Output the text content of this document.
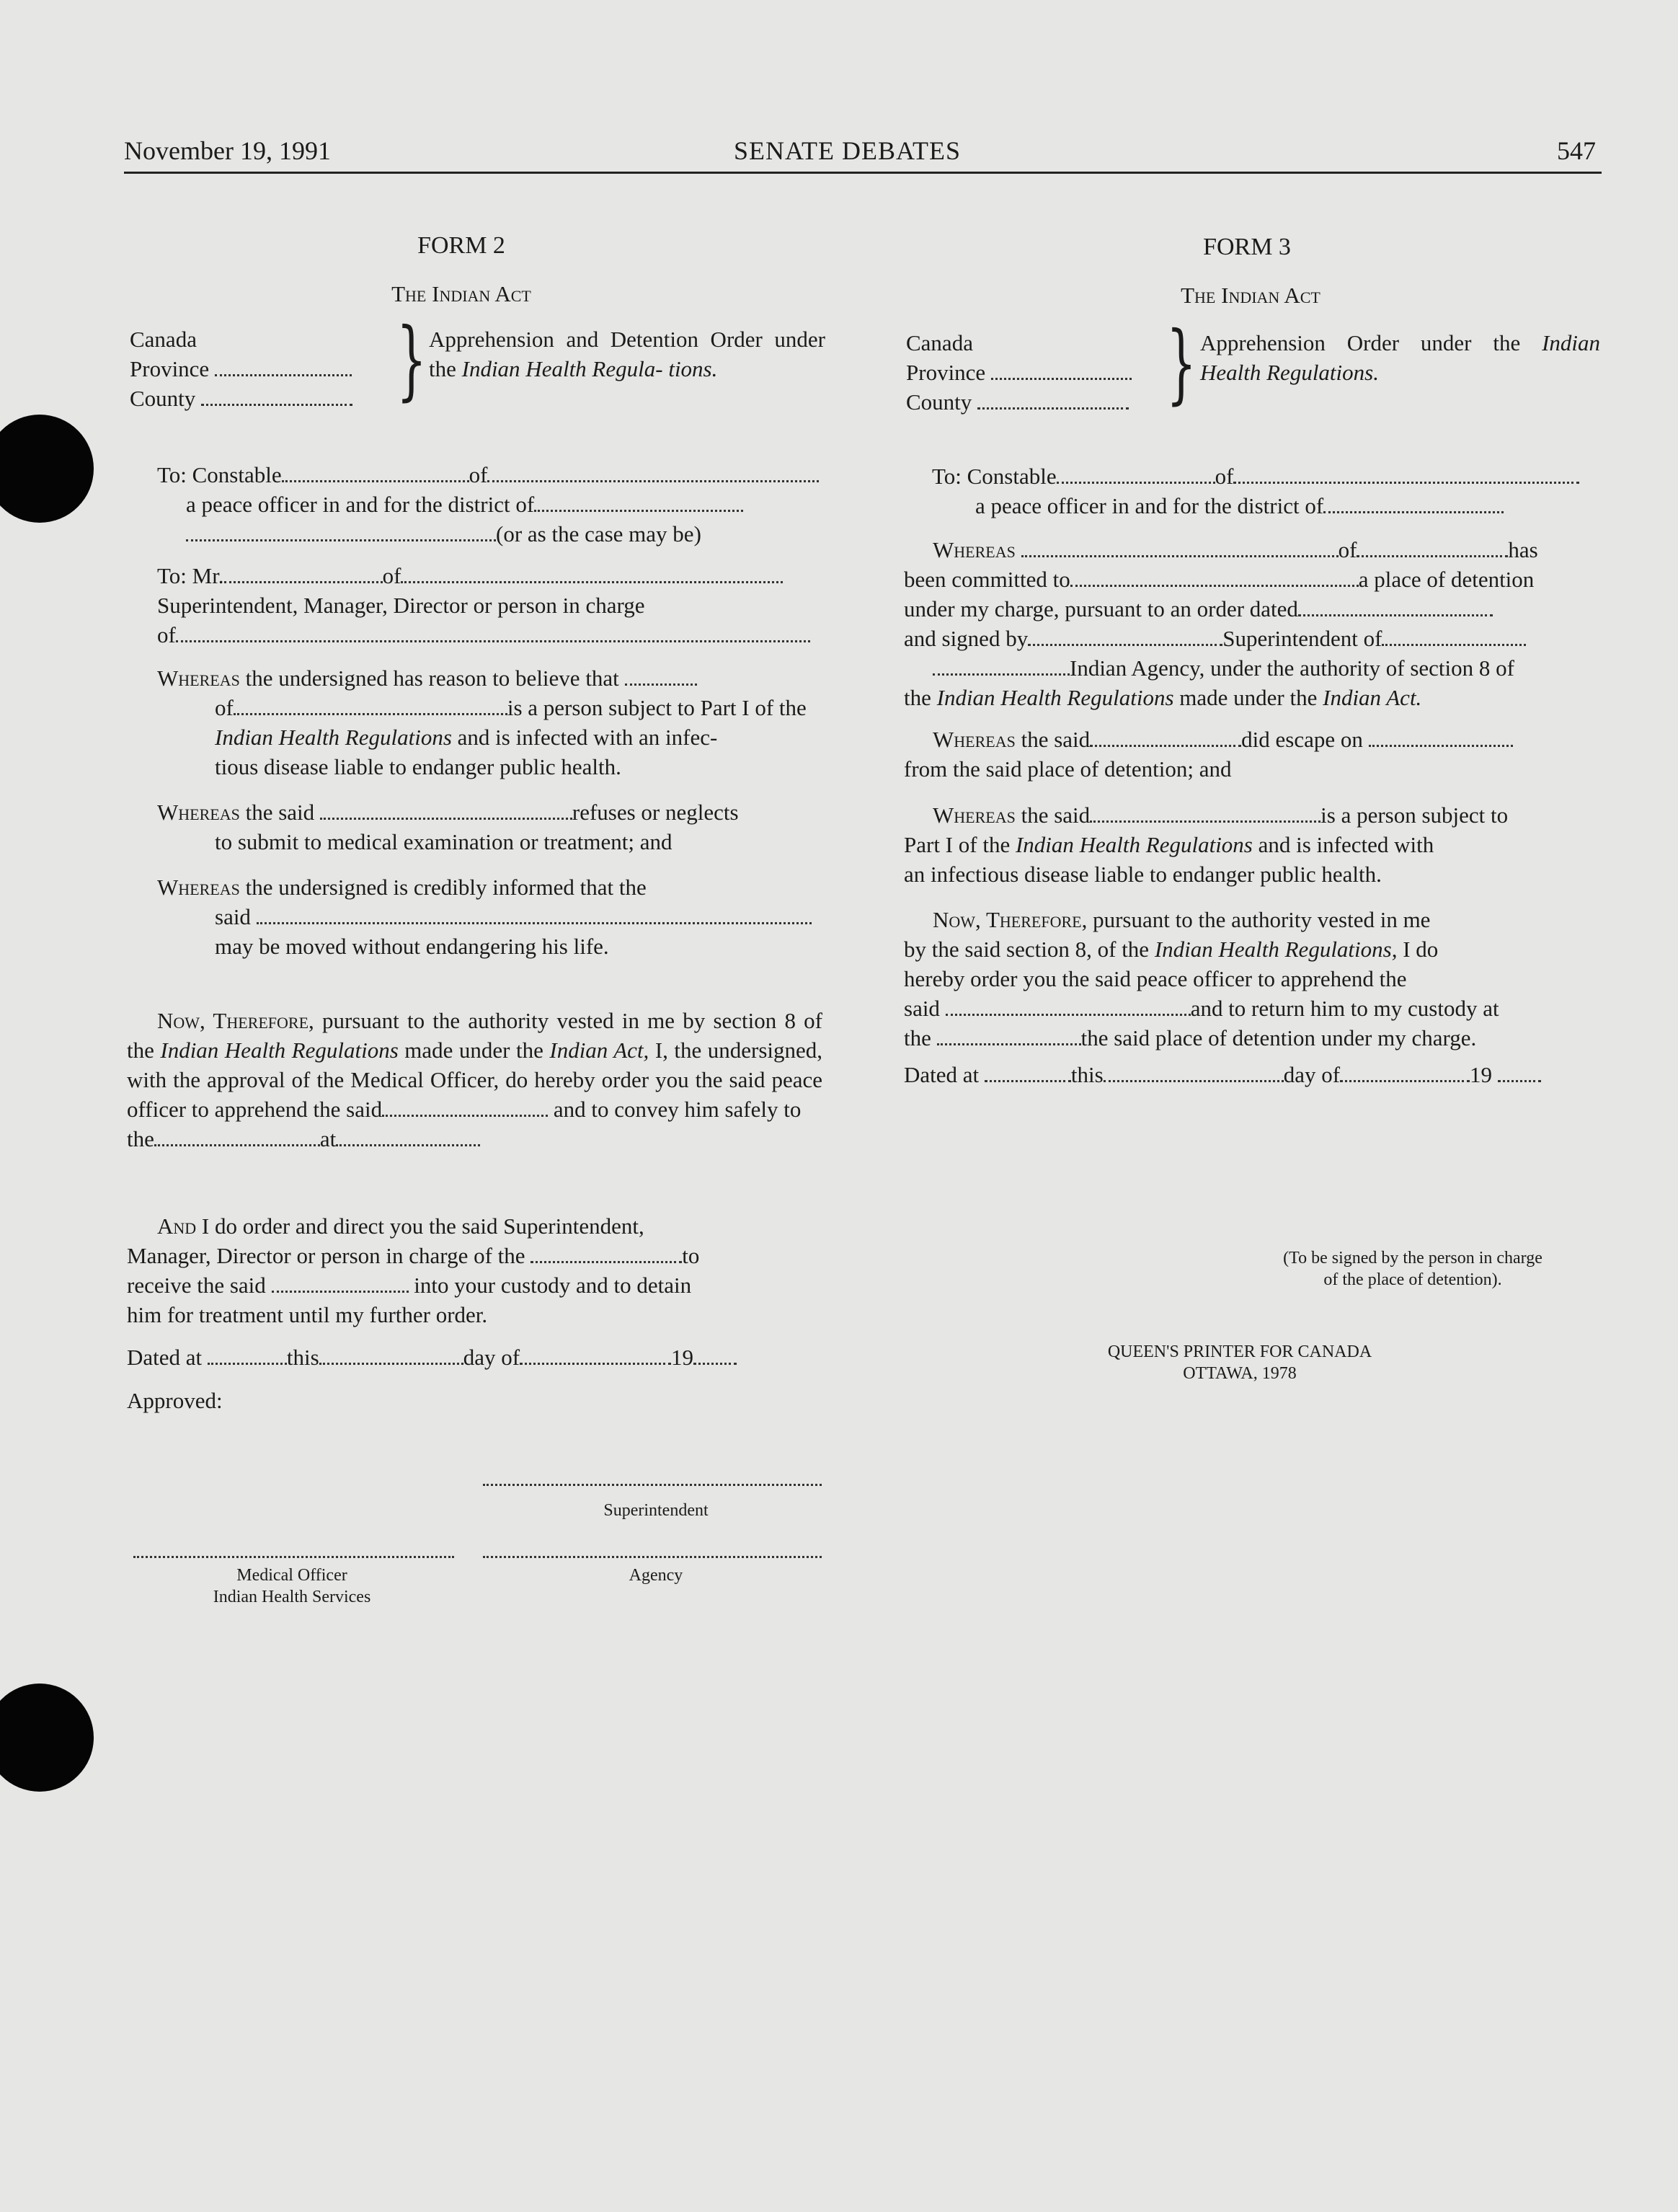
November 19, 1991	SENATE DEBATES	547
FORM 2
The Indian Act
Canada
Province
County	} Apprehension and Detention Order under the Indian Health Regula- tions.
To: Constable	of
a peace officer in and for the district of
(or as the case may be)
To: Mr.	of
Superintendent, Manager, Director or person in charge
of
Whereas the undersigned has reason to believe that
of	is a person subject to Part I of the
Indian Health Regulations and is infected with an infec-
tious disease liable to endanger public health.
Whereas the said	refuses or neglects
to submit to medical examination or treatment; and
Whereas the undersigned is credibly informed that the
said
may be moved without endangering his life.
Now, Therefore, pursuant to the authority vested in me by section 8 of the Indian Health Regulations made under the Indian Act, I, the undersigned, with the approval of the Medical Officer, do hereby order you the said peace officer to apprehend the said	and to convey him safely to
the	at
And I do order and direct you the said Superintendent,
Manager, Director or person in charge of the	to
receive the said	into your custody and to detain
him for treatment until my further order.
Dated at	this	day of	19
Approved:
Superintendent
Medical Officer
Indian Health Services
Agency
FORM 3
The Indian Act
Canada
Province
County	} Apprehension Order under the Indian Health Regulations.
To: Constable	of
a peace officer in and for the district of
Whereas	of	has
been committed to	a place of detention
under my charge, pursuant to an order dated
and signed by	Superintendent of
Indian Agency, under the authority of section 8 of
the Indian Health Regulations made under the Indian Act.
Whereas the said	did escape on
from the said place of detention; and
Whereas the said	is a person subject to
Part I of the Indian Health Regulations and is infected with
an infectious disease liable to endanger public health.
Now, Therefore, pursuant to the authority vested in me
by the said section 8, of the Indian Health Regulations, I do
hereby order you the said peace officer to apprehend the
said	and to return him to my custody at
the	the said place of detention under my charge.
Dated at	this	day of	19
(To be signed by the person in charge
of the place of detention).
QUEEN'S PRINTER FOR CANADA
OTTAWA, 1978
